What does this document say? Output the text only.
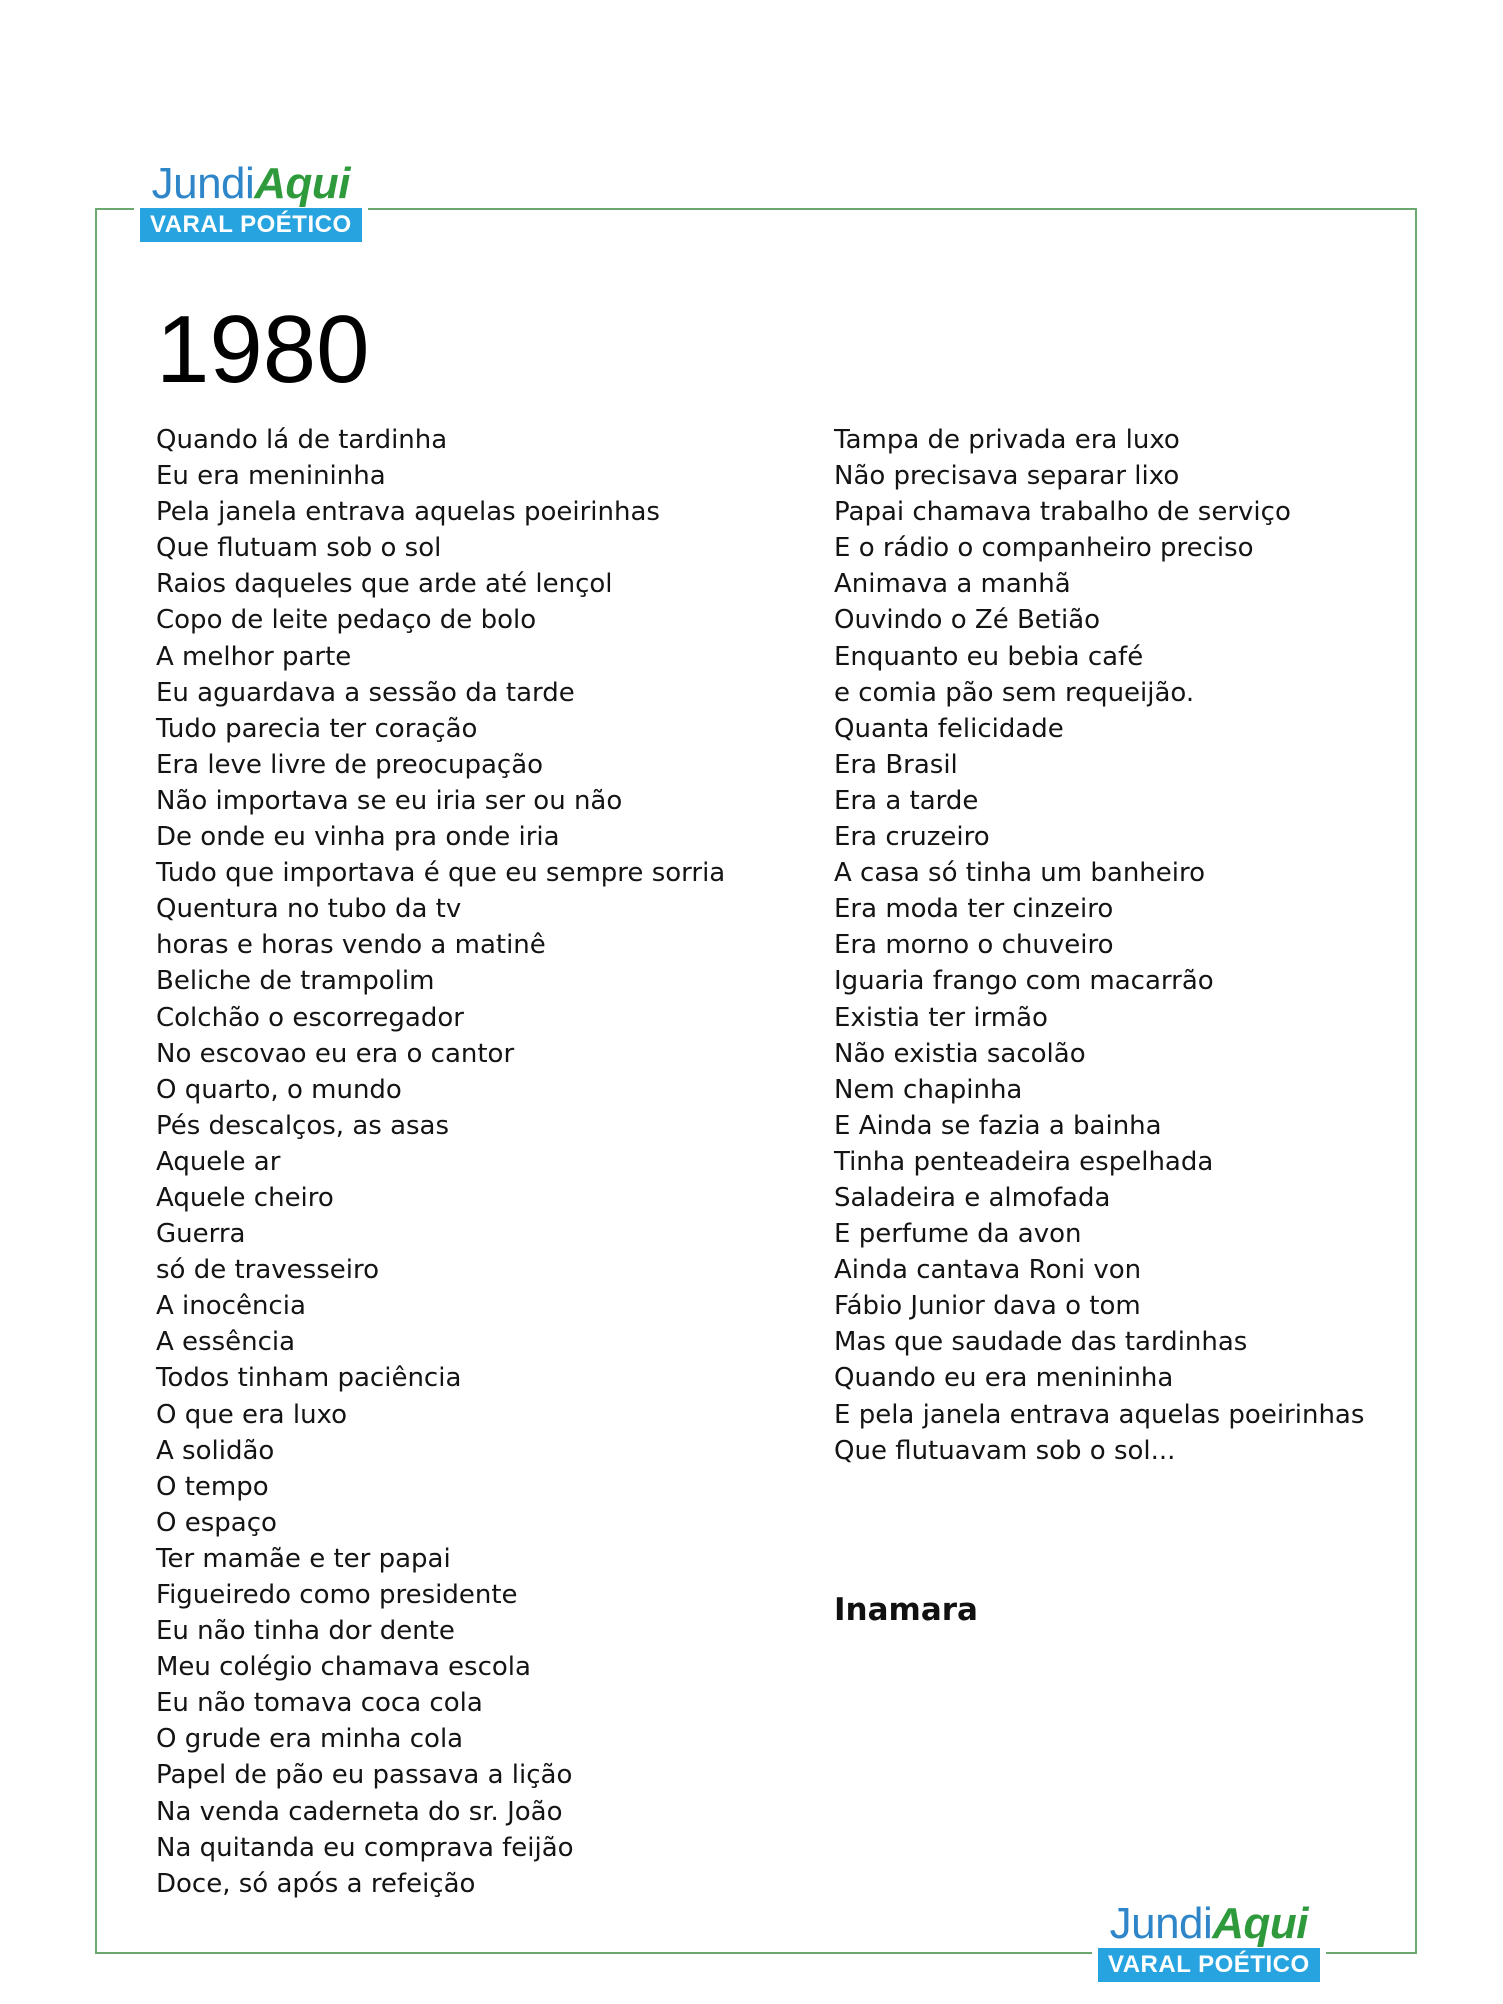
JundiAqui
VARAL POÉTICO
1980
Quando lá de tardinha
Eu era menininha
Pela janela entrava aquelas poeirinhas
Que flutuam sob o sol
Raios daqueles que arde até lençol
Copo de leite pedaço de bolo
A melhor parte
Eu aguardava a sessão da tarde
Tudo parecia ter coração
Era leve livre de preocupação
Não importava se eu iria ser ou não
De onde eu vinha pra onde iria
Tudo que importava é que eu sempre sorria
Quentura no tubo da tv
horas e horas vendo a matinê
Beliche de trampolim
Colchão o escorregador
No escovao eu era o cantor
O quarto, o mundo
Pés descalços, as asas
Aquele ar
Aquele cheiro
Guerra
só de travesseiro
A inocência
A essência
Todos tinham paciência
O que era luxo
A solidão
O tempo
O espaço
Ter mamãe e ter papai
Figueiredo como presidente
Eu não tinha dor dente
Meu colégio chamava escola
Eu não tomava coca cola
O grude era minha cola
Papel de pão eu passava a lição
Na venda caderneta do sr. João
Na quitanda eu comprava feijão
Doce, só após a refeição
Tampa de privada era luxo
Não precisava separar lixo
Papai chamava trabalho de serviço
E o rádio o companheiro preciso
Animava a manhã
Ouvindo o Zé Betião
Enquanto eu bebia café
e comia pão sem requeijão.
Quanta felicidade
Era Brasil
Era a tarde
Era cruzeiro
A casa só tinha um banheiro
Era moda ter cinzeiro
Era morno o chuveiro
Iguaria frango com macarrão
Existia ter irmão
Não existia sacolão
Nem chapinha
E Ainda se fazia a bainha
Tinha penteadeira espelhada
Saladeira e almofada
E perfume da avon
Ainda cantava Roni von
Fábio Junior dava o tom
Mas que saudade das tardinhas
Quando eu era menininha
E pela janela entrava aquelas poeirinhas
Que flutuavam sob o sol...
Inamara
JundiAqui
VARAL POÉTICO
